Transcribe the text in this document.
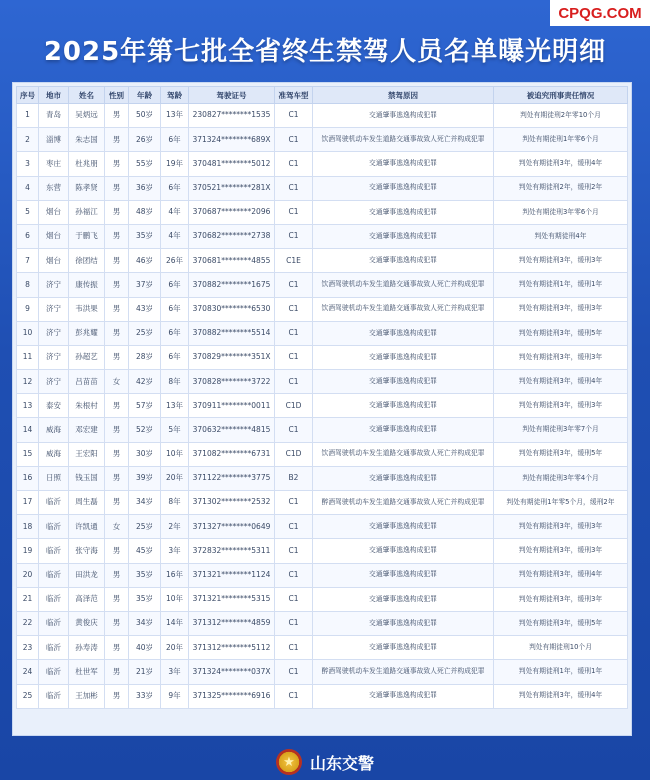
CPQG.COM
2025年第七批全省终生禁驾人员名单曝光明细
序号	地市	姓名	性别	年龄	驾龄	驾驶证号	准驾车型	禁驾原因	被追究刑事责任情况
1	青岛	吴炳远	男	50岁	13年	230827********1535	C1	交通肇事逃逸构成犯罪	判处有期徒刑2年零10个月
2	淄博	朱志国	男	26岁	6年	371324********689X	C1	饮酒驾驶机动车发生道路交通事故致人死亡并构成犯罪	判处有期徒刑1年零6个月
3	枣庄	杜兆朋	男	55岁	19年	370481********5012	C1	交通肇事逃逸构成犯罪	判处有期徒刑3年，缓刑4年
4	东营	陈孝贤	男	36岁	6年	370521********281X	C1	交通肇事逃逸构成犯罪	判处有期徒刑2年，缓刑2年
5	烟台	孙福江	男	48岁	4年	370687********2096	C1	交通肇事逃逸构成犯罪	判处有期徒刑3年零6个月
6	烟台	于鹏飞	男	35岁	4年	370682********2738	C1	交通肇事逃逸构成犯罪	判处有期徒刑4年
7	烟台	徐团结	男	46岁	26年	370681********4855	C1E	交通肇事逃逸构成犯罪	判处有期徒刑3年，缓刑3年
8	济宁	康传振	男	37岁	6年	370882********1675	C1	饮酒驾驶机动车发生道路交通事故致人死亡并构成犯罪	判处有期徒刑1年，缓刑1年
9	济宁	韦洪果	男	43岁	6年	370830********6530	C1	饮酒驾驶机动车发生道路交通事故致人死亡并构成犯罪	判处有期徒刑3年，缓刑3年
10	济宁	彭兆耀	男	25岁	6年	370882********5514	C1	交通肇事逃逸构成犯罪	判处有期徒刑3年，缓刑5年
11	济宁	孙超艺	男	28岁	6年	370829********351X	C1	交通肇事逃逸构成犯罪	判处有期徒刑3年，缓刑3年
12	济宁	吕苗苗	女	42岁	8年	370828********3722	C1	交通肇事逃逸构成犯罪	判处有期徒刑3年，缓刑4年
13	泰安	朱根村	男	57岁	13年	370911********0011	C1D	交通肇事逃逸构成犯罪	判处有期徒刑3年，缓刑3年
14	威海	邓宏建	男	52岁	5年	370632********4815	C1	交通肇事逃逸构成犯罪	判处有期徒刑3年零7个月
15	威海	王宏阳	男	30岁	10年	371082********6731	C1D	饮酒驾驶机动车发生道路交通事故致人死亡并构成犯罪	判处有期徒刑3年，缓刑5年
16	日照	钱玉国	男	39岁	20年	371122********3775	B2	交通肇事逃逸构成犯罪	判处有期徒刑3年零4个月
17	临沂	周生磊	男	34岁	8年	371302********2532	C1	醉酒驾驶机动车发生道路交通事故致人死亡并构成犯罪	判处有期徒刑1年零5个月，缓刑2年
18	临沂	许凯通	女	25岁	2年	371327********0649	C1	交通肇事逃逸构成犯罪	判处有期徒刑3年，缓刑3年
19	临沂	张守海	男	45岁	3年	372832********5311	C1	交通肇事逃逸构成犯罪	判处有期徒刑3年，缓刑3年
20	临沂	田洪龙	男	35岁	16年	371321********1124	C1	交通肇事逃逸构成犯罪	判处有期徒刑3年，缓刑4年
21	临沂	高泽范	男	35岁	10年	371321********5315	C1	交通肇事逃逸构成犯罪	判处有期徒刑3年，缓刑3年
22	临沂	黄俊庆	男	34岁	14年	371312********4859	C1	交通肇事逃逸构成犯罪	判处有期徒刑3年，缓刑5年
23	临沂	孙寿涛	男	40岁	20年	371312********5112	C1	交通肇事逃逸构成犯罪	判处有期徒刑10个月
24	临沂	杜世军	男	21岁	3年	371324********037X	C1	醉酒驾驶机动车发生道路交通事故致人死亡并构成犯罪	判处有期徒刑1年，缓刑1年
25	临沂	王加彬	男	33岁	9年	371325********6916	C1	交通肇事逃逸构成犯罪	判处有期徒刑3年，缓刑4年
★ 山东交警
